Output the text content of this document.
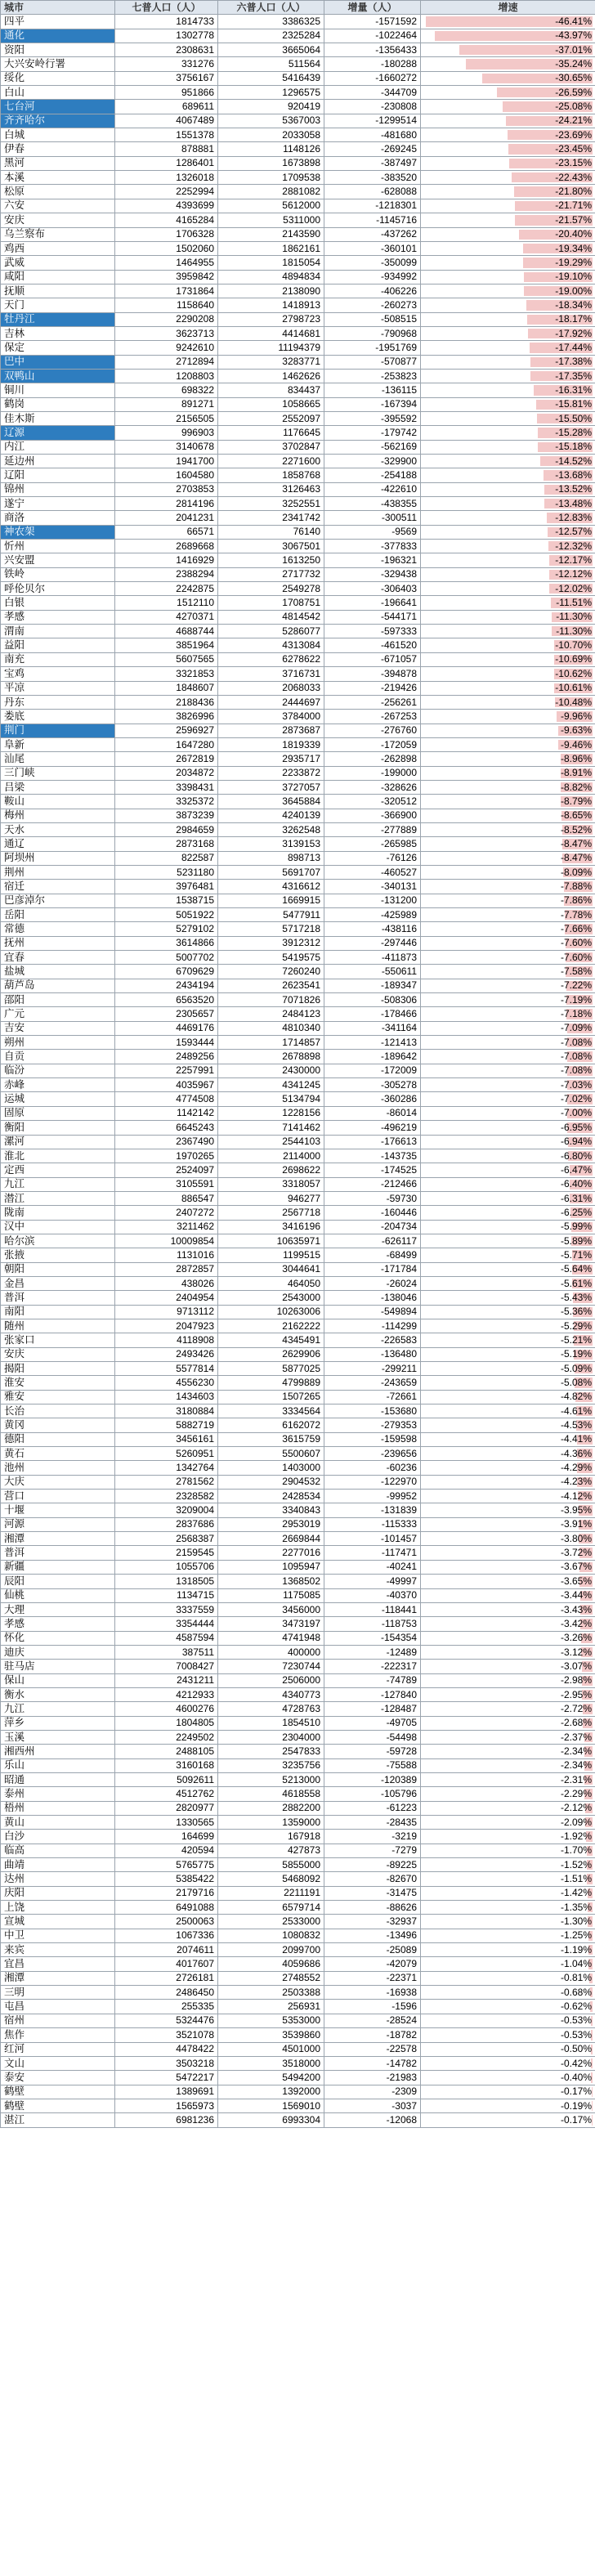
城市	七普人口（人）	六普人口（人）	增量（人）	增速
四平	1814733	3386325	-1571592	-46.41%
通化	1302778	2325284	-1022464	-43.97%
资阳	2308631	3665064	-1356433	-37.01%
大兴安岭行署	331276	511564	-180288	-35.24%
绥化	3756167	5416439	-1660272	-30.65%
白山	951866	1296575	-344709	-26.59%
七台河	689611	920419	-230808	-25.08%
齐齐哈尔	4067489	5367003	-1299514	-24.21%
白城	1551378	2033058	-481680	-23.69%
伊春	878881	1148126	-269245	-23.45%
黑河	1286401	1673898	-387497	-23.15%
本溪	1326018	1709538	-383520	-22.43%
松原	2252994	2881082	-628088	-21.80%
六安	4393699	5612000	-1218301	-21.71%
安庆	4165284	5311000	-1145716	-21.57%
乌兰察布	1706328	2143590	-437262	-20.40%
鸡西	1502060	1862161	-360101	-19.34%
武威	1464955	1815054	-350099	-19.29%
咸阳	3959842	4894834	-934992	-19.10%
抚顺	1731864	2138090	-406226	-19.00%
天门	1158640	1418913	-260273	-18.34%
牡丹江	2290208	2798723	-508515	-18.17%
吉林	3623713	4414681	-790968	-17.92%
保定	9242610	11194379	-1951769	-17.44%
巴中	2712894	3283771	-570877	-17.38%
双鸭山	1208803	1462626	-253823	-17.35%
铜川	698322	834437	-136115	-16.31%
鹤岗	891271	1058665	-167394	-15.81%
佳木斯	2156505	2552097	-395592	-15.50%
辽源	996903	1176645	-179742	-15.28%
内江	3140678	3702847	-562169	-15.18%
延边州	1941700	2271600	-329900	-14.52%
辽阳	1604580	1858768	-254188	-13.68%
锦州	2703853	3126463	-422610	-13.52%
遂宁	2814196	3252551	-438355	-13.48%
商洛	2041231	2341742	-300511	-12.83%
神农架	66571	76140	-9569	-12.57%
忻州	2689668	3067501	-377833	-12.32%
兴安盟	1416929	1613250	-196321	-12.17%
铁岭	2388294	2717732	-329438	-12.12%
呼伦贝尔	2242875	2549278	-306403	-12.02%
白银	1512110	1708751	-196641	-11.51%
孝感	4270371	4814542	-544171	-11.30%
渭南	4688744	5286077	-597333	-11.30%
益阳	3851964	4313084	-461520	-10.70%
南充	5607565	6278622	-671057	-10.69%
宝鸡	3321853	3716731	-394878	-10.62%
平凉	1848607	2068033	-219426	-10.61%
丹东	2188436	2444697	-256261	-10.48%
娄底	3826996	3784000	-267253	-9.96%
荆门	2596927	2873687	-276760	-9.63%
阜新	1647280	1819339	-172059	-9.46%
汕尾	2672819	2935717	-262898	-8.96%
三门峡	2034872	2233872	-199000	-8.91%
吕梁	3398431	3727057	-328626	-8.82%
鞍山	3325372	3645884	-320512	-8.79%
梅州	3873239	4240139	-366900	-8.65%
天水	2984659	3262548	-277889	-8.52%
通辽	2873168	3139153	-265985	-8.47%
阿坝州	822587	898713	-76126	-8.47%
荆州	5231180	5691707	-460527	-8.09%
宿迁	3976481	4316612	-340131	-7.88%
巴彦淖尔	1538715	1669915	-131200	-7.86%
岳阳	5051922	5477911	-425989	-7.78%
常德	5279102	5717218	-438116	-7.66%
抚州	3614866	3912312	-297446	-7.60%
宜春	5007702	5419575	-411873	-7.60%
盐城	6709629	7260240	-550611	-7.58%
葫芦岛	2434194	2623541	-189347	-7.22%
邵阳	6563520	7071826	-508306	-7.19%
广元	2305657	2484123	-178466	-7.18%
吉安	4469176	4810340	-341164	-7.09%
朔州	1593444	1714857	-121413	-7.08%
自贡	2489256	2678898	-189642	-7.08%
临汾	2257991	2430000	-172009	-7.08%
赤峰	4035967	4341245	-305278	-7.03%
运城	4774508	5134794	-360286	-7.02%
固原	1142142	1228156	-86014	-7.00%
衡阳	6645243	7141462	-496219	-6.95%
漯河	2367490	2544103	-176613	-6.94%
淮北	1970265	2114000	-143735	-6.80%
定西	2524097	2698622	-174525	-6.47%
九江	3105591	3318057	-212466	-6.40%
潜江	886547	946277	-59730	-6.31%
陇南	2407272	2567718	-160446	-6.25%
汉中	3211462	3416196	-204734	-5.99%
哈尔滨	10009854	10635971	-626117	-5.89%
张掖	1131016	1199515	-68499	-5.71%
朝阳	2872857	3044641	-171784	-5.64%
金昌	438026	464050	-26024	-5.61%
普洱	2404954	2543000	-138046	-5.43%
南阳	9713112	10263006	-549894	-5.36%
随州	2047923	2162222	-114299	-5.29%
张家口	4118908	4345491	-226583	-5.21%
安庆	2493426	2629906	-136480	-5.19%
揭阳	5577814	5877025	-299211	-5.09%
淮安	4556230	4799889	-243659	-5.08%
雅安	1434603	1507265	-72661	-4.82%
长治	3180884	3334564	-153680	-4.61%
黄冈	5882719	6162072	-279353	-4.53%
德阳	3456161	3615759	-159598	-4.41%
黄石	5260951	5500607	-239656	-4.36%
池州	1342764	1403000	-60236	-4.29%
大庆	2781562	2904532	-122970	-4.23%
营口	2328582	2428534	-99952	-4.12%
十堰	3209004	3340843	-131839	-3.95%
河源	2837686	2953019	-115333	-3.91%
湘潭	2568387	2669844	-101457	-3.80%
普洱	2159545	2277016	-117471	-3.72%
新疆	1055706	1095947	-40241	-3.67%
辰阳	1318505	1368502	-49997	-3.65%
仙桃	1134715	1175085	-40370	-3.44%
大理	3337559	3456000	-118441	-3.43%
孝感	3354444	3473197	-118753	-3.42%
怀化	4587594	4741948	-154354	-3.26%
迪庆	387511	400000	-12489	-3.12%
驻马店	7008427	7230744	-222317	-3.07%
保山	2431211	2506000	-74789	-2.98%
衡水	4212933	4340773	-127840	-2.95%
九江	4600276	4728763	-128487	-2.72%
萍乡	1804805	1854510	-49705	-2.68%
玉溪	2249502	2304000	-54498	-2.37%
湘西州	2488105	2547833	-59728	-2.34%
乐山	3160168	3235756	-75588	-2.34%
昭通	5092611	5213000	-120389	-2.31%
泰州	4512762	4618558	-105796	-2.29%
梧州	2820977	2882200	-61223	-2.12%
黄山	1330565	1359000	-28435	-2.09%
白沙	164699	167918	-3219	-1.92%
临高	420594	427873	-7279	-1.70%
曲靖	5765775	5855000	-89225	-1.52%
达州	5385422	5468092	-82670	-1.51%
庆阳	2179716	2211191	-31475	-1.42%
上饶	6491088	6579714	-88626	-1.35%
宣城	2500063	2533000	-32937	-1.30%
中卫	1067336	1080832	-13496	-1.25%
来宾	2074611	2099700	-25089	-1.19%
宜昌	4017607	4059686	-42079	-1.04%
湘潭	2726181	2748552	-22371	-0.81%
三明	2486450	2503388	-16938	-0.68%
屯昌	255335	256931	-1596	-0.62%
宿州	5324476	5353000	-28524	-0.53%
焦作	3521078	3539860	-18782	-0.53%
红河	4478422	4501000	-22578	-0.50%
文山	3503218	3518000	-14782	-0.42%
泰安	5472217	5494200	-21983	-0.40%
鹤壁	1389691	1392000	-2309	-0.17%
鹤壁	1565973	1569010	-3037	-0.19%
湛江	6981236	6993304	-12068	-0.17%
